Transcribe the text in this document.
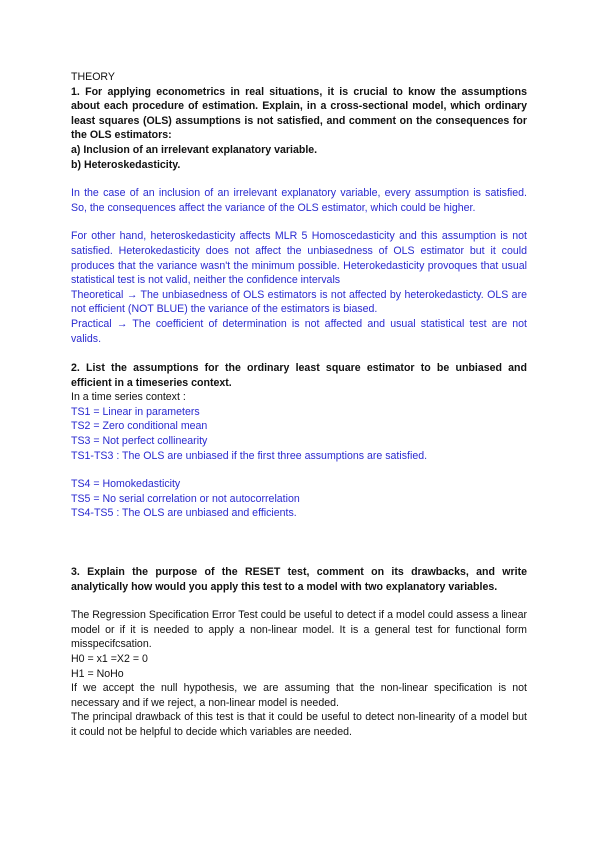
THEORY

1. For applying econometrics in real situations, it is crucial to know the assumptions about each procedure of estimation. Explain, in a cross-sectional model, which ordinary least squares (OLS) assumptions is not satisfied, and comment on the consequences for the OLS estimators:

a) Inclusion of an irrelevant explanatory variable.

b) Heteroskedasticity.

In the case of an inclusion of an irrelevant explanatory variable, every assumption is satisfied. So, the consequences affect the variance of the OLS estimator, which could be higher.

For other hand, heteroskedasticity affects MLR 5 Homoscedasticity and this assumption is not satisfied. Heterokedasticity does not affect the unbiasedness of OLS estimator but it could produces that the variance wasn't the minimum possible. Heterokedasticity provoques that usual statistical test is not valid, neither the confidence intervals

Theoretical → The unbiasedness of OLS estimators is not affected by heterokedasticty. OLS are not efficient (NOT BLUE) the variance of the estimators is biased.

Practical → The coefficient of determination is not affected and usual statistical test are not valids.

2. List the assumptions for the ordinary least square estimator to be unbiased and efficient in a timeseries context.

In a time series context :

TS1 = Linear in parameters

TS2 = Zero conditional mean

TS3 = Not perfect collinearity

TS1-TS3 : The OLS are unbiased if the first three assumptions are satisfied.

TS4 = Homokedasticity

TS5 = No serial correlation or not autocorrelation

TS4-TS5 : The OLS are unbiased and efficients.

3. Explain the purpose of the RESET test, comment on its drawbacks, and write analytically how would you apply this test to a model with two explanatory variables.

The Regression Specification Error Test could be useful to detect if a model could assess a linear model or if it is needed to apply a non-linear model. It is a general test for functional form misspecifcsation.

H0 = x1 =X2 = 0

H1 = NoHo

If we accept the null hypothesis, we are assuming that the non-linear specification is not necessary and if we reject, a non-linear model is needed.

The principal drawback of this test is that it could be useful to detect non-linearity of a model but it could not be helpful to decide which variables are needed.
